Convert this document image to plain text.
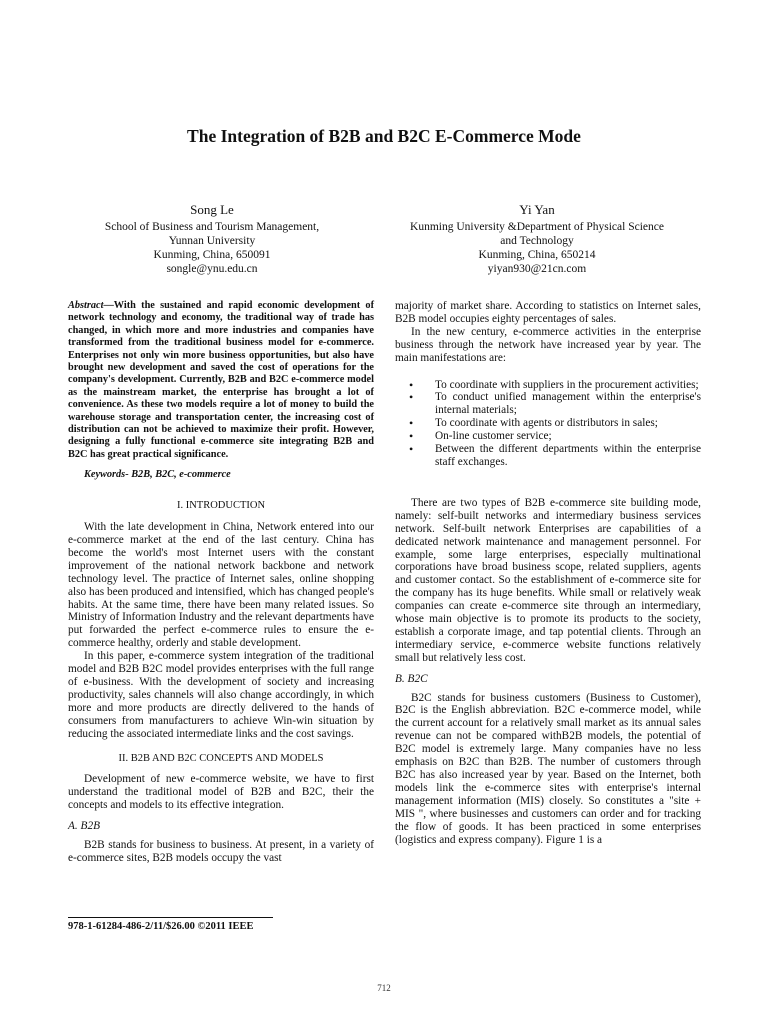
The Integration of B2B and B2C E-Commerce Mode
Song Le
School of Business and Tourism Management,
Yunnan University
Kunming, China, 650091
songle@ynu.edu.cn
Yi Yan
Kunming University &Department of Physical Science
and Technology
Kunming, China, 650214
yiyan930@21cn.com

Abstract—With the sustained and rapid economic development of network technology and economy, the traditional way of trade has changed, in which more and more industries and companies have transformed from the traditional business model for e-commerce. Enterprises not only win more business opportunities, but also have brought new development and saved the cost of operations for the company's development. Currently, B2B and B2C e-commerce model as the mainstream market, the enterprise has brought a lot of convenience. As these two models require a lot of money to build the warehouse storage and transportation center, the increasing cost of distribution can not be achieved to maximize their profit. However, designing a fully functional e-commerce site integrating B2B and B2C has great practical significance.

Keywords- B2B, B2C, e-commerce
I. INTRODUCTION

With the late development in China, Network entered into our e-commerce market at the end of the last century. China has become the world's most Internet users with the constant improvement of the national network backbone and network technology level. The practice of Internet sales, online shopping also has been produced and intensified, which has changed people's habits. At the same time, there have been many related issues. So Ministry of Information Industry and the relevant departments have put forwarded the perfect e-commerce rules to ensure the e-commerce healthy, orderly and stable development.

In this paper, e-commerce system integration of the traditional model and B2B B2C model provides enterprises with the full range of e-business. With the development of society and increasing productivity, sales channels will also change accordingly, in which more and more products are directly delivered to the hands of consumers from manufacturers to achieve Win-win situation by reducing the associated intermediate links and the cost savings.

II. B2B AND B2C CONCEPTS AND MODELS

Development of new e-commerce website, we have to first understand the traditional model of B2B and B2C, their the concepts and models to its effective integration.

A. B2B

B2B stands for business to business. At present, in a variety of e-commerce sites, B2B models occupy the vast

majority of market share. According to statistics on Internet sales, B2B model occupies eighty percentages of sales.

In the new century, e-commerce activities in the enterprise business through the network have increased year by year. The main manifestations are:

• To coordinate with suppliers in the procurement activities;
• To conduct unified management within the enterprise's internal materials;
• To coordinate with agents or distributors in sales;
• On-line customer service;
• Between the different departments within the enterprise staff exchanges.

There are two types of B2B e-commerce site building mode, namely: self-built networks and intermediary business services network. Self-built network Enterprises are capabilities of a dedicated network maintenance and management personnel. For example, some large enterprises, especially multinational corporations have broad business scope, related suppliers, agents and customer contact. So the establishment of e-commerce site for the company has its huge benefits. While small or relatively weak companies can create e-commerce site through an intermediary, whose main objective is to promote its products to the society, establish a corporate image, and tap potential clients. Through an intermediary service, e-commerce website functions relatively small but relatively less cost.

B. B2C

B2C stands for business customers (Business to Customer), B2C is the English abbreviation. B2C e-commerce model, while the current account for a relatively small market as its annual sales revenue can not be compared withB2B models, the potential of B2C model is extremely large. Many companies have no less emphasis on B2C than B2B. The number of customers through B2C has also increased year by year. Based on the Internet, both models link the e-commerce sites with enterprise's internal management information (MIS) closely. So constitutes a "site + MIS ", where businesses and customers can order and for tracking the flow of goods. It has been practiced in some enterprises (logistics and express company). Figure 1 is a

978-1-61284-486-2/11/$26.00 ©2011 IEEE
712
